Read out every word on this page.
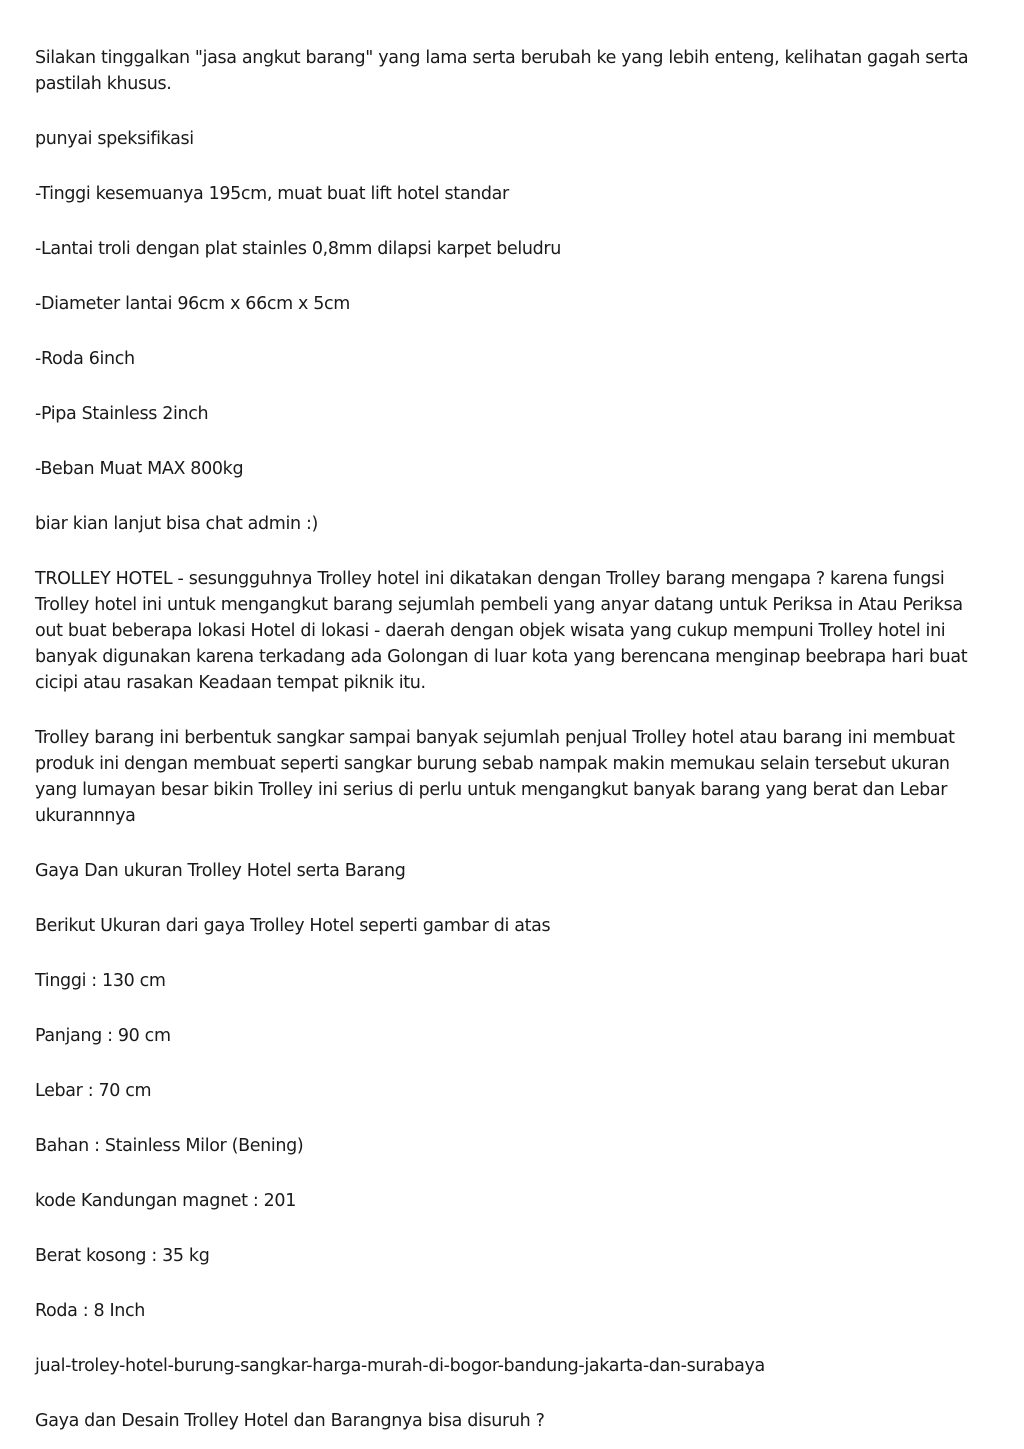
Silakan tinggalkan "jasa angkut barang" yang lama serta berubah ke yang lebih enteng, kelihatan gagah serta pastilah khusus.

punyai speksifikasi

-Tinggi kesemuanya 195cm, muat buat lift hotel standar

-Lantai troli dengan plat stainles 0,8mm dilapsi karpet beludru

-Diameter lantai 96cm x 66cm x 5cm

-Roda 6inch

-Pipa Stainless 2inch

-Beban Muat MAX 800kg

biar kian lanjut bisa chat admin :)

TROLLEY HOTEL - sesungguhnya Trolley hotel ini dikatakan dengan Trolley barang mengapa ? karena fungsi Trolley hotel ini untuk mengangkut barang sejumlah pembeli yang anyar datang untuk Periksa in Atau Periksa out buat beberapa lokasi Hotel di lokasi - daerah dengan objek wisata yang cukup mempuni Trolley hotel ini banyak digunakan karena terkadang ada Golongan di luar kota yang berencana menginap beebrapa hari buat cicipi atau rasakan Keadaan tempat piknik itu.

Trolley barang ini berbentuk sangkar sampai banyak sejumlah penjual Trolley hotel atau barang ini membuat produk ini dengan membuat seperti sangkar burung sebab nampak makin memukau selain tersebut ukuran yang lumayan besar bikin Trolley ini serius di perlu untuk mengangkut banyak barang yang berat dan Lebar ukurannnya

Gaya Dan ukuran Trolley Hotel serta Barang

Berikut Ukuran dari gaya Trolley Hotel seperti gambar di atas

Tinggi : 130 cm

Panjang : 90 cm

Lebar : 70 cm

Bahan : Stainless Milor (Bening)

kode Kandungan magnet : 201

Berat kosong : 35 kg

Roda : 8 Inch

jual-troley-hotel-burung-sangkar-harga-murah-di-bogor-bandung-jakarta-dan-surabaya

Gaya dan Desain Trolley Hotel dan Barangnya bisa disuruh ?
